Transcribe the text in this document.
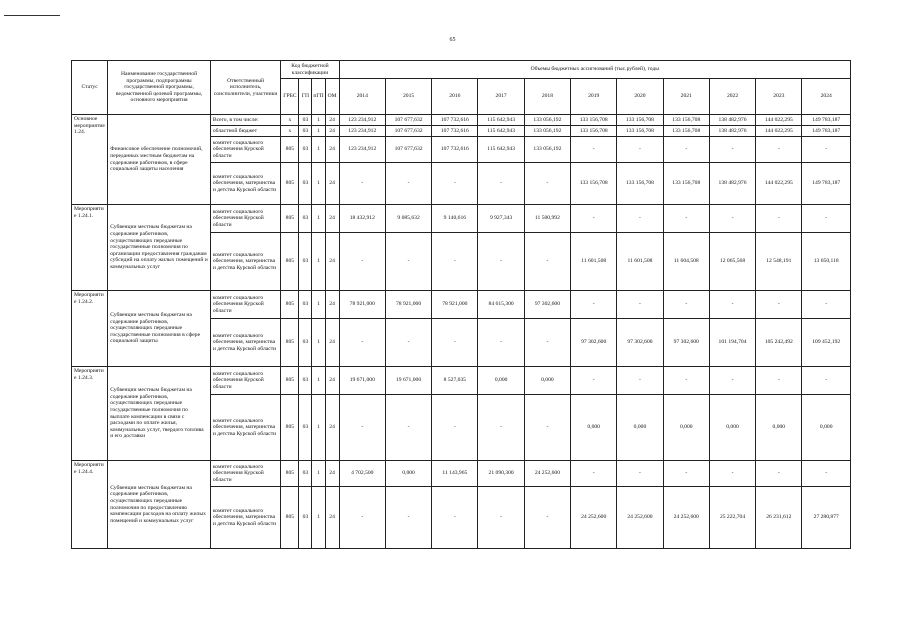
65
Статус	Наименование государственной программы, подпрограммы государственной программы, ведомственной целевой программы, основного мероприятия	Ответственный исполнитель, соисполнители, участники	Код бюджетной классификации				Объемы бюджетных ассигнований (тыс.рублей), годы										
			ГРБС	ГП	пГП	ОМ	2014	2015	2016	2017	2018	2019	2020	2021	2022	2023	2024
Основное мероприятие 1.24.	Финансовое обеспечение полномочий, переданных местным бюджетам на содержание работников, в сфере социальной защиты населения	Всего, в том числе:	x	03	1	24	123 234,912	107 677,632	107 732,616	115 642,943	133 056,192	133 156,708	133 156,708	133 156,708	138 482,976	144 022,295	149 783,187
		областной бюджет	x	03	1	24	123 234,912	107 677,632	107 732,616	115 642,943	133 056,192	133 156,708	133 156,708	133 156,708	138 482,976	144 022,295	149 783,187
		комитет социального обеспечения Курской области	805	03	1	24	123 234,912	107 677,632	107 732,616	115 642,943	133 056,192	-	-	-	-	-	-
		комитет социального обеспечения, материнства и детства Курской области	805	03	1	24	-	-	-	-	-	133 156,708	133 156,708	133 156,708	138 482,976	144 022,295	149 783,187
Мероприятие 1.24.1.	Субвенции местным бюджетам на содержание работников, осуществляющих переданные государственные полномочия по организации предоставления гражданам субсидий на оплату жилых помещений и коммунальных услуг	комитет социального обеспечения Курской области	805	03	1	24	18 432,912	9 085,632	9 140,616	9 927,343	11 500,992	-	-	-	-	-	-
		комитет социального обеспечения, материнства и детства Курской области	805	03	1	24	-	-	-	-	-	11 601,508	11 601,508	11 604,508	12 065,568	12 548,191	13 050,118
Мероприятие 1.24.2.	Субвенции местным бюджетам на содержание работников, осуществляющих переданные государственные полномочия в сфере социальной защиты	комитет социального обеспечения Курской области	805	03	1	24	78 921,000	78 921,000	78 921,000	84 615,300	97 302,600	-	-	-	-	-	-
		комитет социального обеспечения, материнства и детства Курской области	805	03	1	24	-	-	-	-	-	97 302,600	97 302,600	97 302,600	101 194,704	105 242,492	109 452,192
Мероприятие 1.24.3.	Субвенции местным бюджетам на содержание работников, осуществляющих переданные государственные полномочия по выплате компенсации в связи с расходами по оплате жилья, коммунальных услуг, твердого топлива и его доставки	комитет социального обеспечения Курской области	805	03	1	24	19 671,000	19 671,000	8 527,035	0,000	0,000	-	-	-	-	-	-
		комитет социального обеспечения, материнства и детства Курской области	805	03	1	24	-	-	-	-	-	0,000	0,000	0,000	0,000	0,000	0,000
Мероприятие 1.24.4.	Субвенции местным бюджетам на содержание работников, осуществляющих переданные полномочия по предоставлению компенсации расходов на оплату жилых помещений и коммунальных услуг	комитет социального обеспечения Курской области	805	03	1	24	4 702,500	0,000	11 143,965	21 090,300	24 252,600	-	-	-	-	-	-
		комитет социального обеспечения, материнства и детства Курской области	805	03	1	24	-	-	-	-	-	24 252,600	24 252,600	24 252,600	25 222,704	26 231,612	27 280,877
